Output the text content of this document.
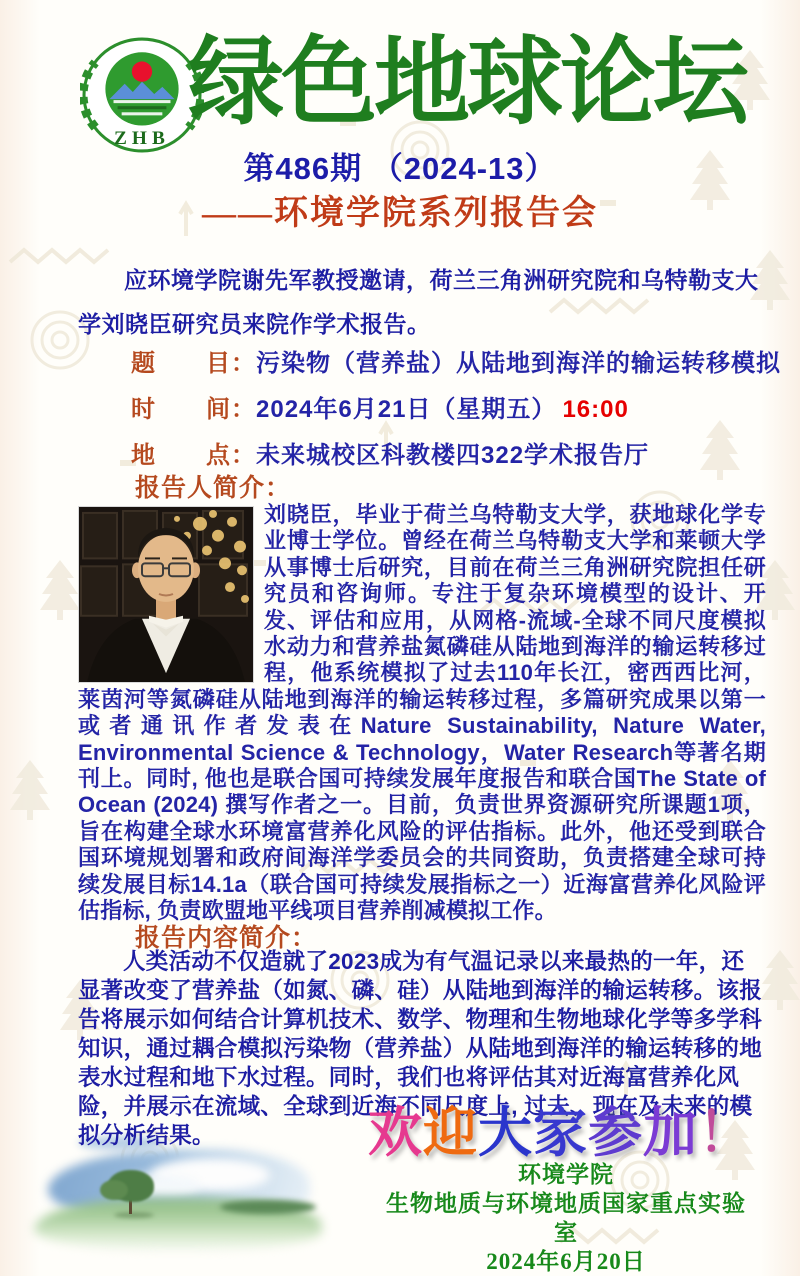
ZHB
绿色地球论坛
第486期 （2024-13）
——环境学院系列报告会
应环境学院谢先军教授邀请，荷兰三角洲研究院和乌特勒支大学刘晓臣研究员来院作学术报告。
题　　目：污染物（营养盐）从陆地到海洋的输运转移模拟
时　　间：2024年6月21日（星期五） 16:00
地　　点：未来城校区科教楼四322学术报告厅
报告人简介：
刘晓臣，毕业于荷兰乌特勒支大学，获地球化学专业博士学位。曾经在荷兰乌特勒支大学和莱顿大学从事博士后研究，目前在荷兰三角洲研究院担任研究员和咨询师。专注于复杂环境模型的设计、开发、评估和应用，从网格-流域-全球不同尺度模拟水动力和营养盐氮磷硅从陆地到海洋的输运转移过程，他系统模拟了过去110年长江，密西西比河，莱茵河等氮磷硅从陆地到海洋的输运转移过程，多篇研究成果以第一或者通讯作者发表在Nature Sustainability, Nature Water, Environmental Science & Technology，Water Research等著名期刊上。同时, 他也是联合国可持续发展年度报告和联合国The State of Ocean (2024) 撰写作者之一。目前，负责世界资源研究所课题1项，旨在构建全球水环境富营养化风险的评估指标。此外，他还受到联合国环境规划署和政府间海洋学委员会的共同资助，负责搭建全球可持续发展目标14.1a（联合国可持续发展指标之一）近海富营养化风险评估指标, 负责欧盟地平线项目营养削减模拟工作。
报告内容简介：
人类活动不仅造就了2023成为有气温记录以来最热的一年，还显著改变了营养盐（如氮、磷、硅）从陆地到海洋的输运转移。该报告将展示如何结合计算机技术、数学、物理和生物地球化学等多学科知识，通过耦合模拟污染物（营养盐）从陆地到海洋的输运转移的地表水过程和地下水过程。同时，我们也将评估其对近海富营养化风险，并展示在流域、全球到近海不同尺度上, 过去、现在及未来的模拟分析结果。	欢迎大家参加！
环境学院
生物地质与环境地质国家重点实验室
2024年6月20日
